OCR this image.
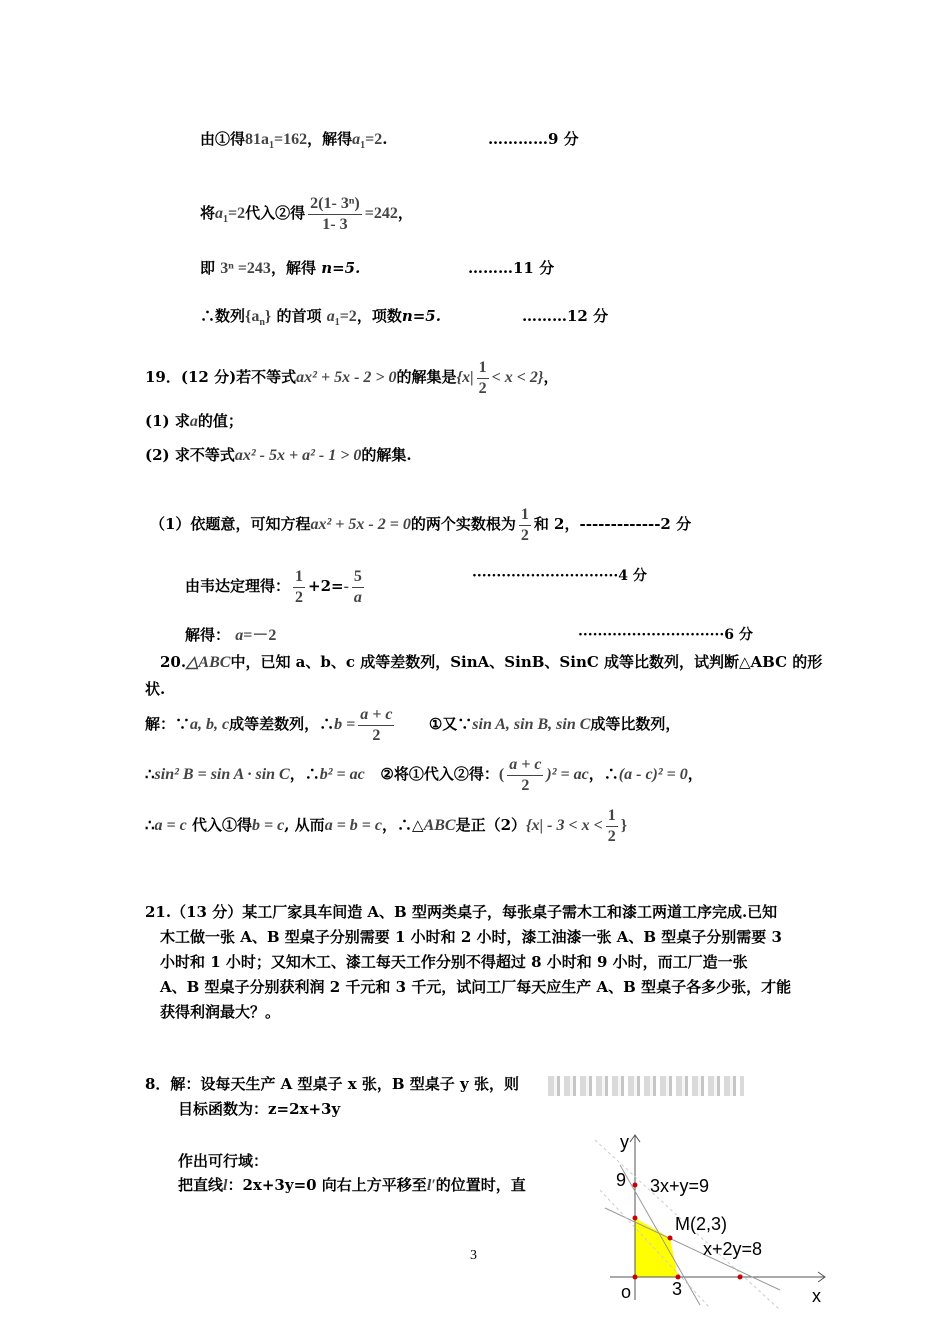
由①得$81a_1=162$，解得$a_1=2$.	…………9 分
将$a_1=2$代入②得 $\frac{\text{2(1- 3ⁿ)}}{1- 3} =242$，
即 3ⁿ =243，解得 n=5.	………11 分
∴数列$\{a_n\}$ 的首项 $a_1=2$，项数n=5.	………12 分
19．(12 分)若不等式ax² + 5x - 2 > 0的解集是$\{x| \frac{1}{2} < x < 2\}$，
(1) 求a的值；
(2) 求不等式ax² - 5x + a² - 1 > 0的解集.
（1）依题意，可知方程ax² + 5x - 2 = 0的两个实数根为 $\frac{1}{2}$ 和 2，-------------2 分
由韦达定理得： $\frac{1}{2} +2=- \frac{5}{a}$	······························4 分
解得： a=－2	······························6 分
20.△ABC中，已知 a、b、c 成等差数列，SinA、SinB、SinC 成等比数列，试判断△ABC 的形
状.
解：∵a, b, c成等差数列，∴b = $\frac{a + c}{2}$ ①又∵sin A, sin B, sin C成等比数列，
∴sin² B = sin A · sin C，∴b² = ac ②将①代入②得：( $\frac{a + c}{2} )^2$ = ac，∴(a - c)² = 0，
∴a = c 代入①得b = c, 从而a = b = c，∴△ABC是正$(2)\{x| - 3 < x < \frac{1}{2}$ }
21.（13 分）某工厂家具车间造 A、B 型两类桌子，每张桌子需木工和漆工两道工序完成.已知
木工做一张 A、B 型桌子分别需要 1 小时和 2 小时，漆工油漆一张 A、B 型桌子分别需要 3
小时和 1 小时；又知木工、漆工每天工作分别不得超过 8 小时和 9 小时，而工厂造一张
A、B 型桌子分别获利润 2 千元和 3 千元，试问工厂每天应生产 A、B 型桌子各多少张，才能
获得利润最大？。
8．解：设每天生产 A 型桌子 x 张，B 型桌子 y 张，则
目标函数为：z=2x+3y
作出可行域：
把直线l：2x+3y=0 向右上方平移至l′的位置时，直
y
x
o
9
3
3x+y=9
M(2,3)
x+2y=8
3
